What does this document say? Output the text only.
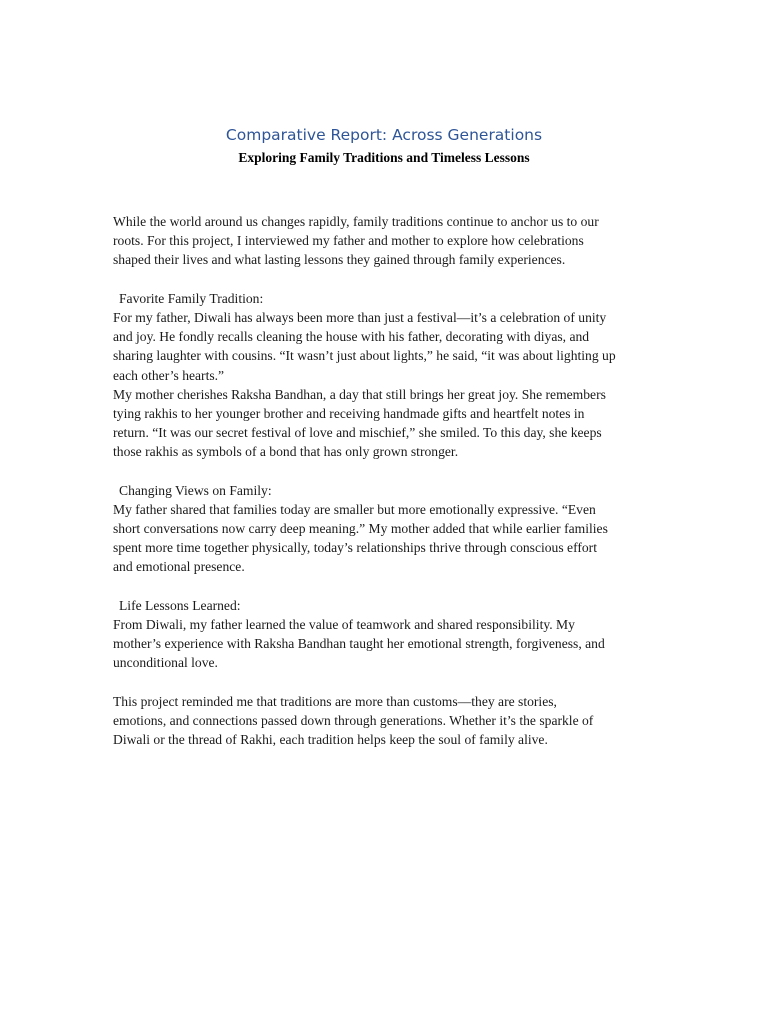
Comparative Report: Across Generations
Exploring Family Traditions and Timeless Lessons
While the world around us changes rapidly, family traditions continue to anchor us to our
roots. For this project, I interviewed my father and mother to explore how celebrations
shaped their lives and what lasting lessons they gained through family experiences.
Favorite Family Tradition:
For my father, Diwali has always been more than just a festival—it’s a celebration of unity
and joy. He fondly recalls cleaning the house with his father, decorating with diyas, and
sharing laughter with cousins. “It wasn’t just about lights,” he said, “it was about lighting up
each other’s hearts.”
My mother cherishes Raksha Bandhan, a day that still brings her great joy. She remembers
tying rakhis to her younger brother and receiving handmade gifts and heartfelt notes in
return. “It was our secret festival of love and mischief,” she smiled. To this day, she keeps
those rakhis as symbols of a bond that has only grown stronger.
Changing Views on Family:
My father shared that families today are smaller but more emotionally expressive. “Even
short conversations now carry deep meaning.” My mother added that while earlier families
spent more time together physically, today’s relationships thrive through conscious effort
and emotional presence.
Life Lessons Learned:
From Diwali, my father learned the value of teamwork and shared responsibility. My
mother’s experience with Raksha Bandhan taught her emotional strength, forgiveness, and
unconditional love.
This project reminded me that traditions are more than customs—they are stories,
emotions, and connections passed down through generations. Whether it’s the sparkle of
Diwali or the thread of Rakhi, each tradition helps keep the soul of family alive.
